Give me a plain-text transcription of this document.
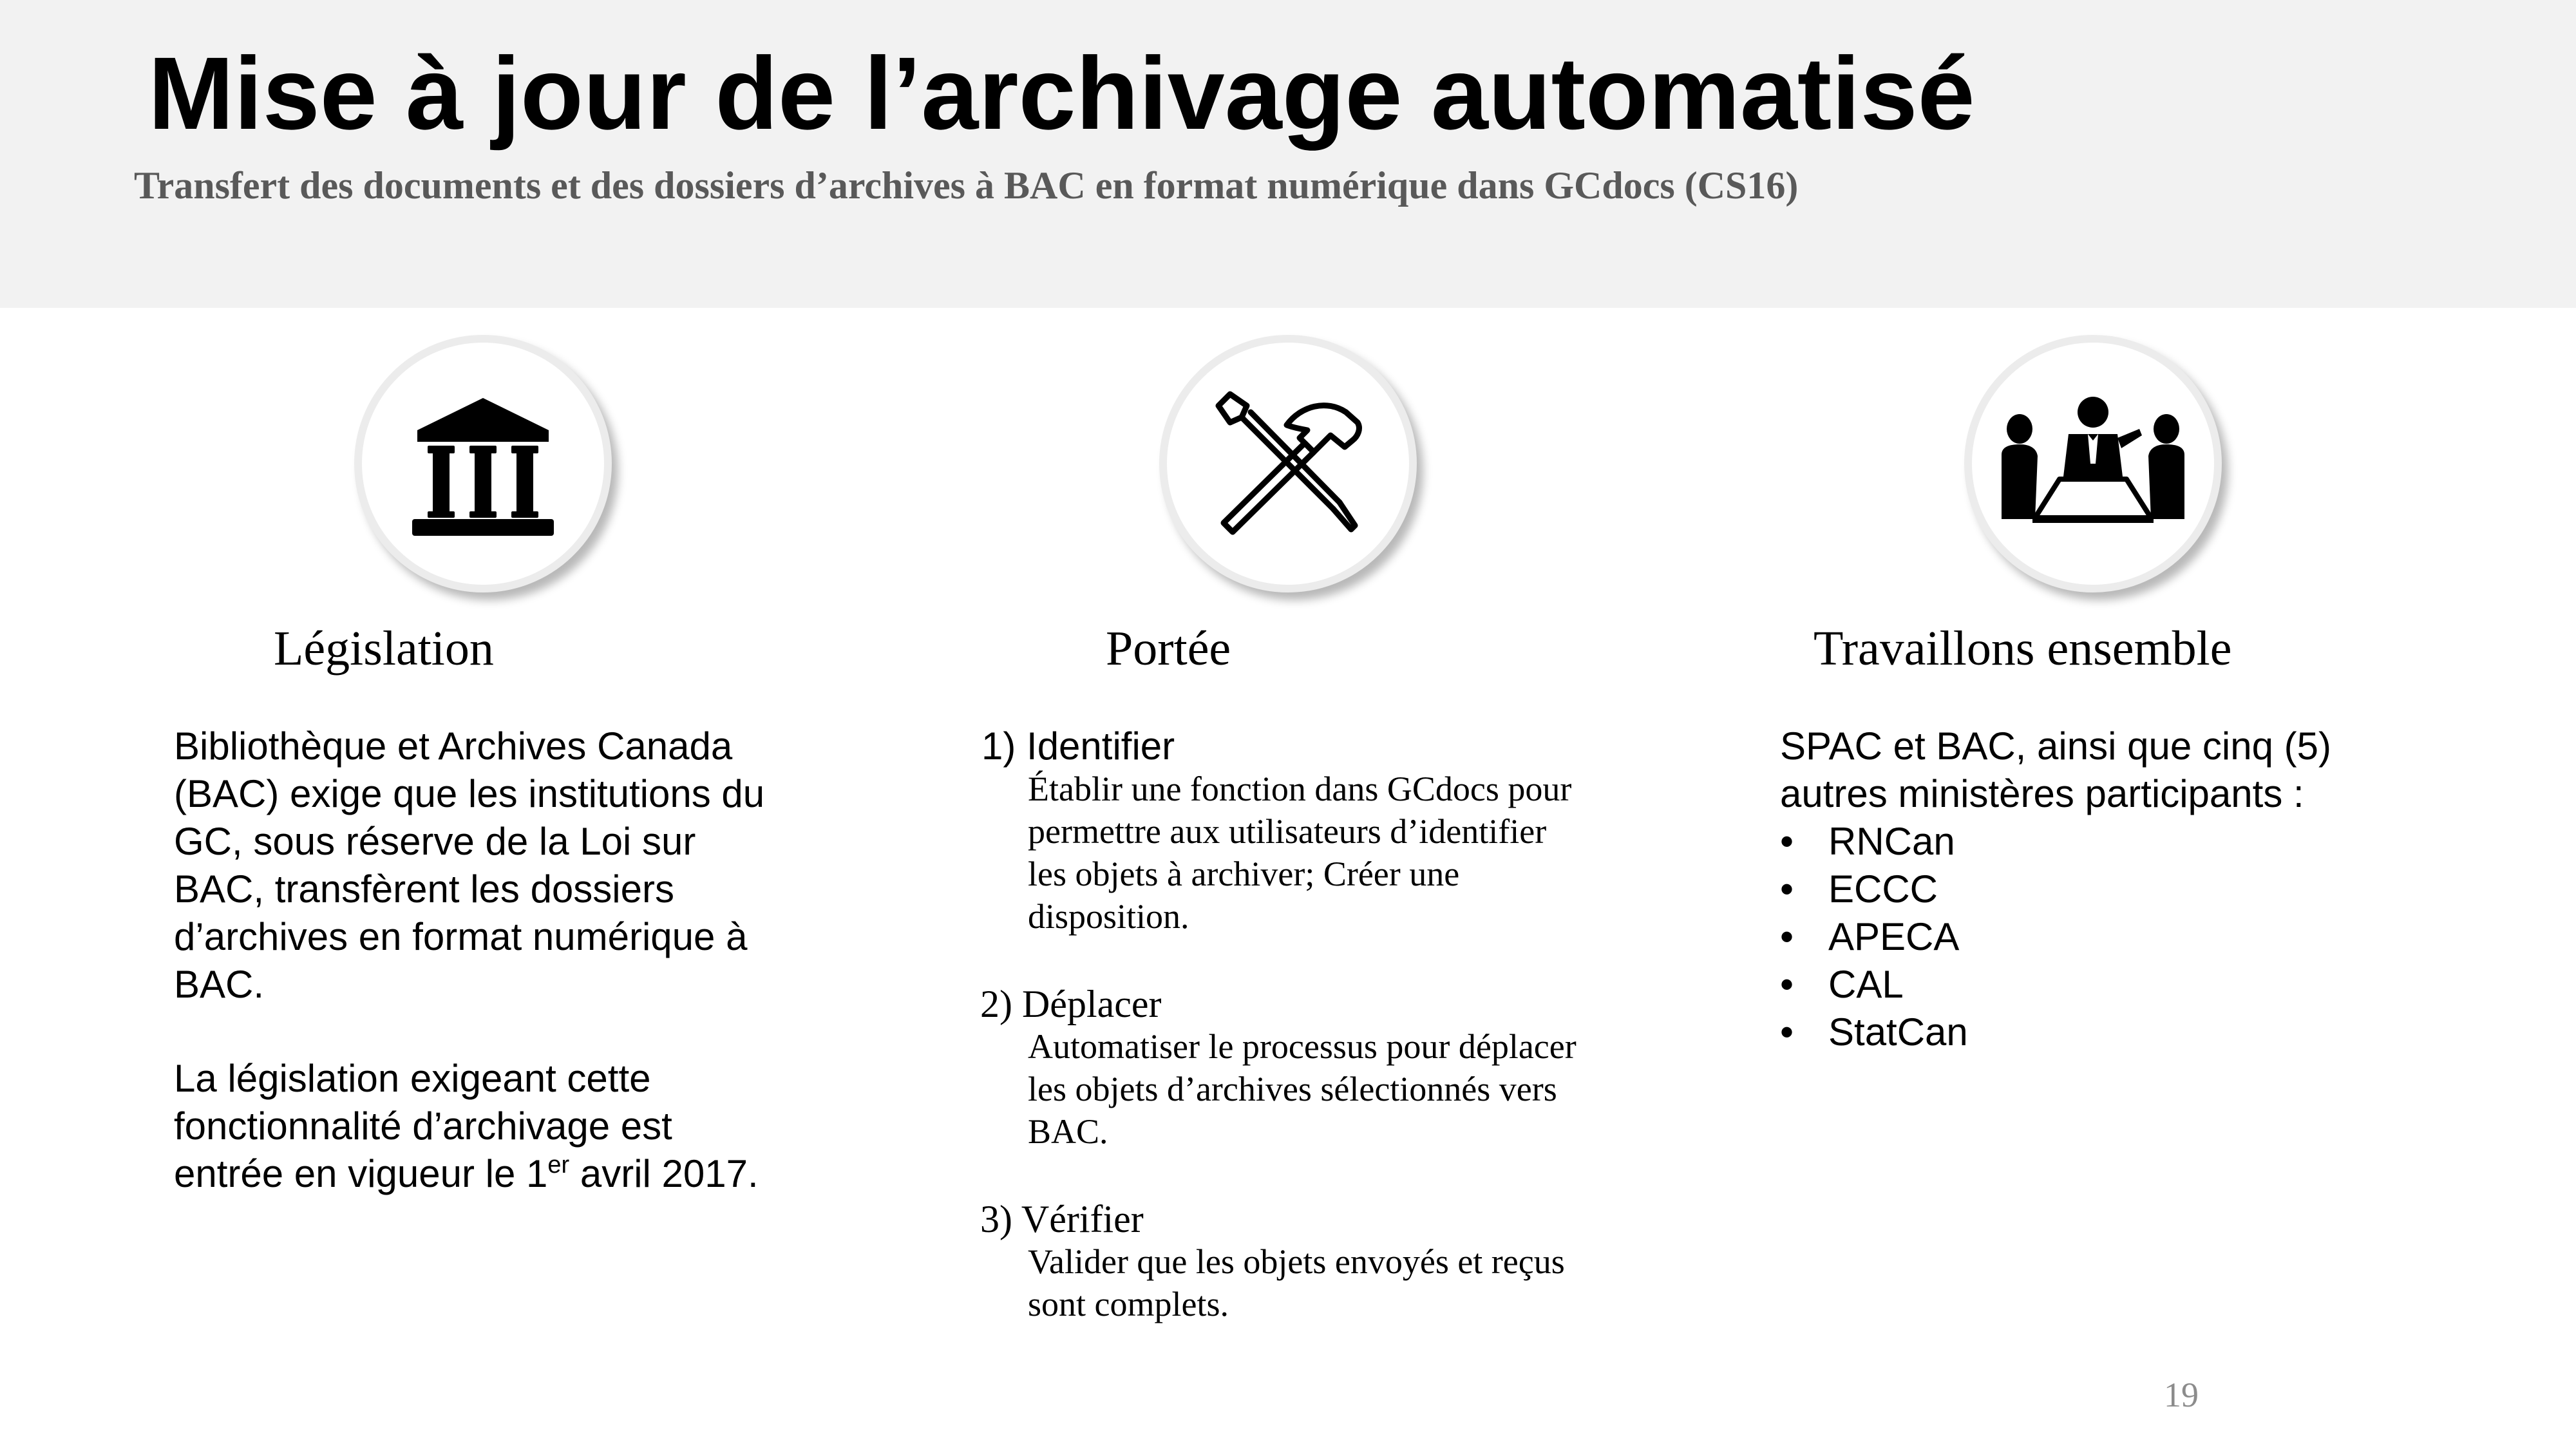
Mise à jour de l’archivage automatisé
Transfert des documents et des dossiers d’archives à BAC en format numérique dans GCdocs (CS16)
Législation

Bibliothèque et Archives Canada

(BAC) exige que les institutions du

GC, sous réserve de la Loi sur

BAC, transfèrent les dossiers

d’archives en format numérique à

BAC.

La législation exigeant cette

fonctionnalité d’archivage est

entrée en vigueur le 1er avril 2017.

Portée
1) Identifier

Établir une fonction dans GCdocs pour

permettre aux utilisateurs d’identifier

les objets à archiver; Créer une

disposition.

2) Déplacer

Automatiser le processus pour déplacer

les objets d’archives sélectionnés vers

BAC.

3) Vérifier

Valider que les objets envoyés et reçus

sont complets.

Travaillons ensemble

SPAC et BAC, ainsi que cinq (5)

autres ministères participants :

• RNCan
• ECCC
• APECA
• CAL
• StatCan
19
